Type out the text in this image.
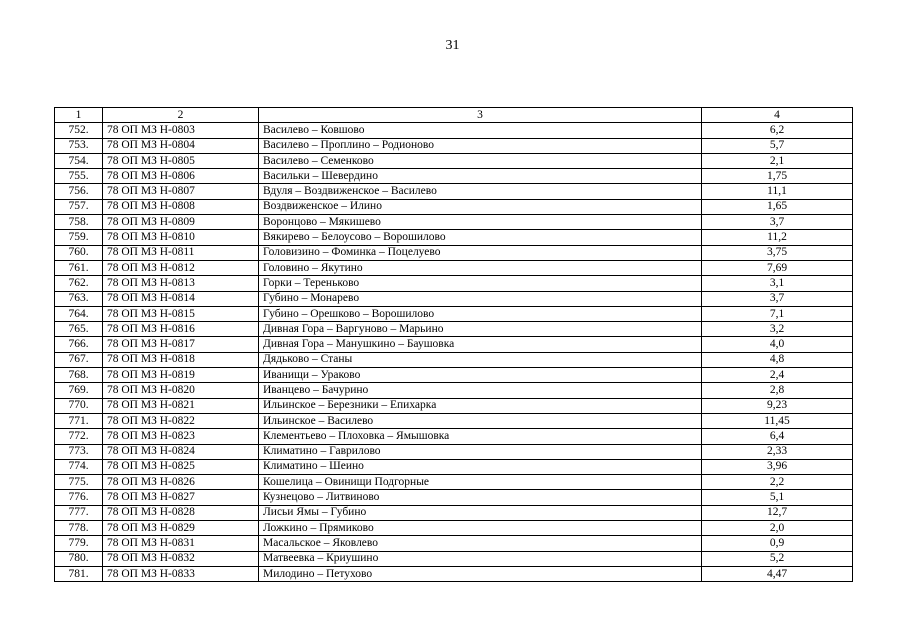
31
1	2	3	4
752.	78 ОП МЗ Н-0803	Василево – Ковшово	6,2
753.	78 ОП МЗ Н-0804	Василево – Проплино – Родионово	5,7
754.	78 ОП МЗ Н-0805	Василево – Семенково	2,1
755.	78 ОП МЗ Н-0806	Васильки – Шевердино	1,75
756.	78 ОП МЗ Н-0807	Вдуля – Воздвиженское – Василево	11,1
757.	78 ОП МЗ Н-0808	Воздвиженское – Илино	1,65
758.	78 ОП МЗ Н-0809	Воронцово – Мякишево	3,7
759.	78 ОП МЗ Н-0810	Вякирево – Белоусово – Ворошилово	11,2
760.	78 ОП МЗ Н-0811	Головизино – Фоминка – Поцелуево	3,75
761.	78 ОП МЗ Н-0812	Головино – Якутино	7,69
762.	78 ОП МЗ Н-0813	Горки – Тереньково	3,1
763.	78 ОП МЗ Н-0814	Губино – Монарево	3,7
764.	78 ОП МЗ Н-0815	Губино – Орешково – Ворошилово	7,1
765.	78 ОП МЗ Н-0816	Дивная Гора – Варгуново – Марьино	3,2
766.	78 ОП МЗ Н-0817	Дивная Гора – Манушкино – Баушовка	4,0
767.	78 ОП МЗ Н-0818	Дядьково – Станы	4,8
768.	78 ОП МЗ Н-0819	Иванищи – Ураково	2,4
769.	78 ОП МЗ Н-0820	Иванцево – Бачурино	2,8
770.	78 ОП МЗ Н-0821	Ильинское – Березники – Епихарка	9,23
771.	78 ОП МЗ Н-0822	Ильинское – Василево	11,45
772.	78 ОП МЗ Н-0823	Клементьево – Плоховка – Ямышовка	6,4
773.	78 ОП МЗ Н-0824	Климатино – Гаврилово	2,33
774.	78 ОП МЗ Н-0825	Климатино – Шеино	3,96
775.	78 ОП МЗ Н-0826	Кошелица – Овинищи Подгорные	2,2
776.	78 ОП МЗ Н-0827	Кузнецово – Литвиново	5,1
777.	78 ОП МЗ Н-0828	Лисьи Ямы – Губино	12,7
778.	78 ОП МЗ Н-0829	Ложкино – Прямиково	2,0
779.	78 ОП МЗ Н-0831	Масальское – Яковлево	0,9
780.	78 ОП МЗ Н-0832	Матвеевка – Криушино	5,2
781.	78 ОП МЗ Н-0833	Милодино – Петухово	4,47
